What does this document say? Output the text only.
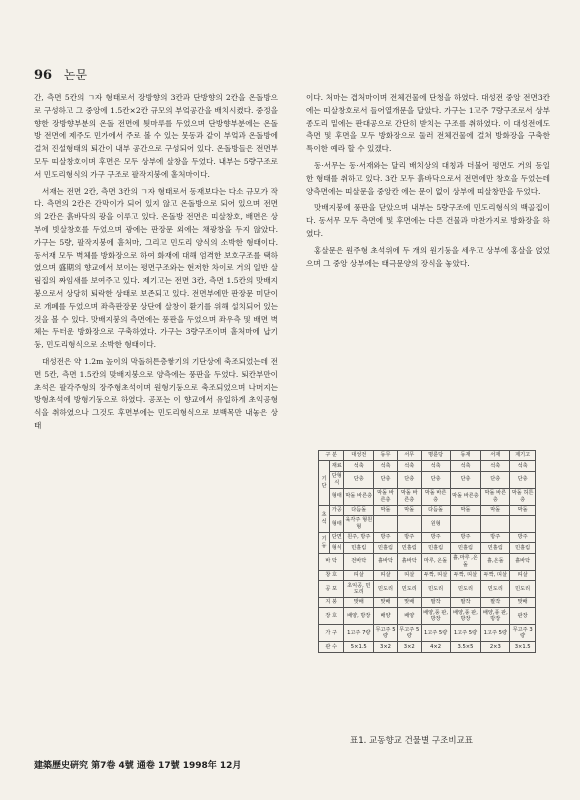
96 논문

간, 측면 5칸의 ㄱ자 형태로서 장방향의 3칸과 단방향의 2칸을 온돌방으로 구성하고 그 중앙에 1.5칸×2칸 규모의 부엌공간을 배치시켰다. 중정을 향한 장방향부분의 온돌 전면에 툇마루를 두었으며 단방향부분에는 온돌방 전면에 제주도 민가에서 주로 볼 수 있는 뭇동과 같이 부엌과 온돌방에 걸쳐 진설형태의 퇴간이 내부 공간으로 구성되어 있다. 온돌방들은 전면부 모두 띠살창호이며 후면은 모두 상부에 살창을 두었다. 내부는 5량구조로서 민도리형식의 가구 구조로 팔작지붕에 홑처마이다.

서재는 전면 2칸, 측면 3칸의 ㄱ자 형태로서 동재보다는 다소 규모가 작다. 측면의 2칸은 간막이가 되어 있지 않고 온돌방으로 되어 있으며 전면의 2칸은 흙바닥의 광을 이루고 있다. 온돌방 전면은 띠살창호, 배면은 상부에 빗살창호를 두었으며 광에는 판장문 외에는 채광창을 두지 않았다. 가구는 5량, 팔작지붕에 홑처마, 그리고 민도리 양식의 소박한 형태이다. 동서재 모두 벽체를 방화장으로 하여 화재에 대해 엄격한 보호구조를 택하였으며 盛期의 향교에서 보이는 평면구조와는 현저한 차이로 거의 일반 살림집의 짜임새를 보여주고 있다. 제기고는 전면 3칸, 측면 1.5칸의 맛배지붕으로서 상당히 퇴락한 상태로 보존되고 있다. 전면부에만 판장문 미닫이로 개폐를 두었으며 좌측판장문 상단에 살창이 환기를 위해 설치되어 있는 것을 볼 수 있다. 맛배지붕의 측면에는 풍판을 두었으며 좌우측 및 배면 벽체는 두터운 방화장으로 구축하였다. 가구는 3량구조이며 홑처마에 납기둥, 민도리형식으로 소박한 형태이다.

대성전은 약 1.2m 높이의 막돌허튼층쌓기의 기단상에 축조되었는데 전면 5칸, 측면 1.5칸의 맞배지붕으로 양측에는 풍판을 두었다. 퇴칸부만이 초석은 팔각주형의 장주형초석이며 원형기둥으로 축조되었으며 나머지는 방형초석에 방형기둥으로 하였다. 공포는 이 향교에서 유일하게 초익공형식을 취하였으나 그것도 후면부에는 민도리형식으로 보백목만 내놓은 상태

이다. 처마는 겹처마이며 전체건물에 단청을 하였다. 대성전 중앙 전면3칸에는 띠살창호로서 들어열개문을 달았다. 가구는 1고주 7량구조로서 상부 종도리 밑에는 판대공으로 간단히 받치는 구조를 취하였다. 이 대성전에도 측면 및 후면을 모두 방화장으로 둘러 전체건물에 걸쳐 방화장을 구축한 특이한 예라 할 수 있겠다.

동·서무는 동·서재와는 달리 배치상의 대칭과 더불어 평면도 거의 동일한 형태를 취하고 있다. 3칸 모두 흙바닥으로서 전면에만 창호을 두었는데 양측면에는 띠살문을 중앙칸 에는 문이 없이 상부에 띠살창만을 두었다.

맛배지붕에 풍판을 닫았으며 내부는 5량구조에 민도리형식의 백골집이다. 동서무 모두 측면에 및 후면에는 다른 건물과 마찬가지로 방화장을 하였다.

홍살문은 원주형 초석위에 두 개의 원기둥을 세우고 상부에 홍살을 얹었으며 그 중앙 상부에는 태극문양의 장식을 놓았다.

구 분		대성전	동무	서무	명륜당	동재	서재	제기고
기단	재료	석축	석축	석축	석축	석축	석축	석축
	단형식	단층	단층	단층	단층	단층	단층	단층
	형태	막돌 바른층	막돌 바른층	막돌 바른층	막돌 바른층	막돌 바른층	막돌 바른층	막돌 허튼층
초석	가공	다듬돌	막돌	막돌	다듬돌	막돌	막돌	막돌
	형태	육각주 형원형			원형			
기둥	단면	원주, 방주	방주	방주	방주	방주	방주	방주
	형식	민흘림	민흘림	민흘림	민흘림	민흘림	민흘림	민흘림
바 닥		전바닥	흙바닥	흙바닥	마루, 온돌	흙,마루 ,온돌	흙,온돌	흙바닥
창 호		띠살	띠살	띠살	두짝, 띠살	두짝, 띠살	두짝, 띠살	띠살
공 포		초익공, 민도리	민도리	민도리	민도리	민도리	민도리	민도리
지 붕		맞배	맞배	맞배	팔작	팔작	팔작	맞배
장 호		배양, 방장	배양	배양	배양,풍 판,방장	배양,풍 판,방장	배양,풍 판,방장	판장
가 구		1고주 7량	무고주 5량	무고주 5량	1고주 5량	1고주 5량	1고주 5량	무고주 3량
관 수		5×1.5	3×2	3×2	4×2	3.5×5	2×3	3×1.5
표1. 교동향교 건물별 구조비교표
建築歷史硏究 第7卷 4號 通卷 17號 1998年 12月
